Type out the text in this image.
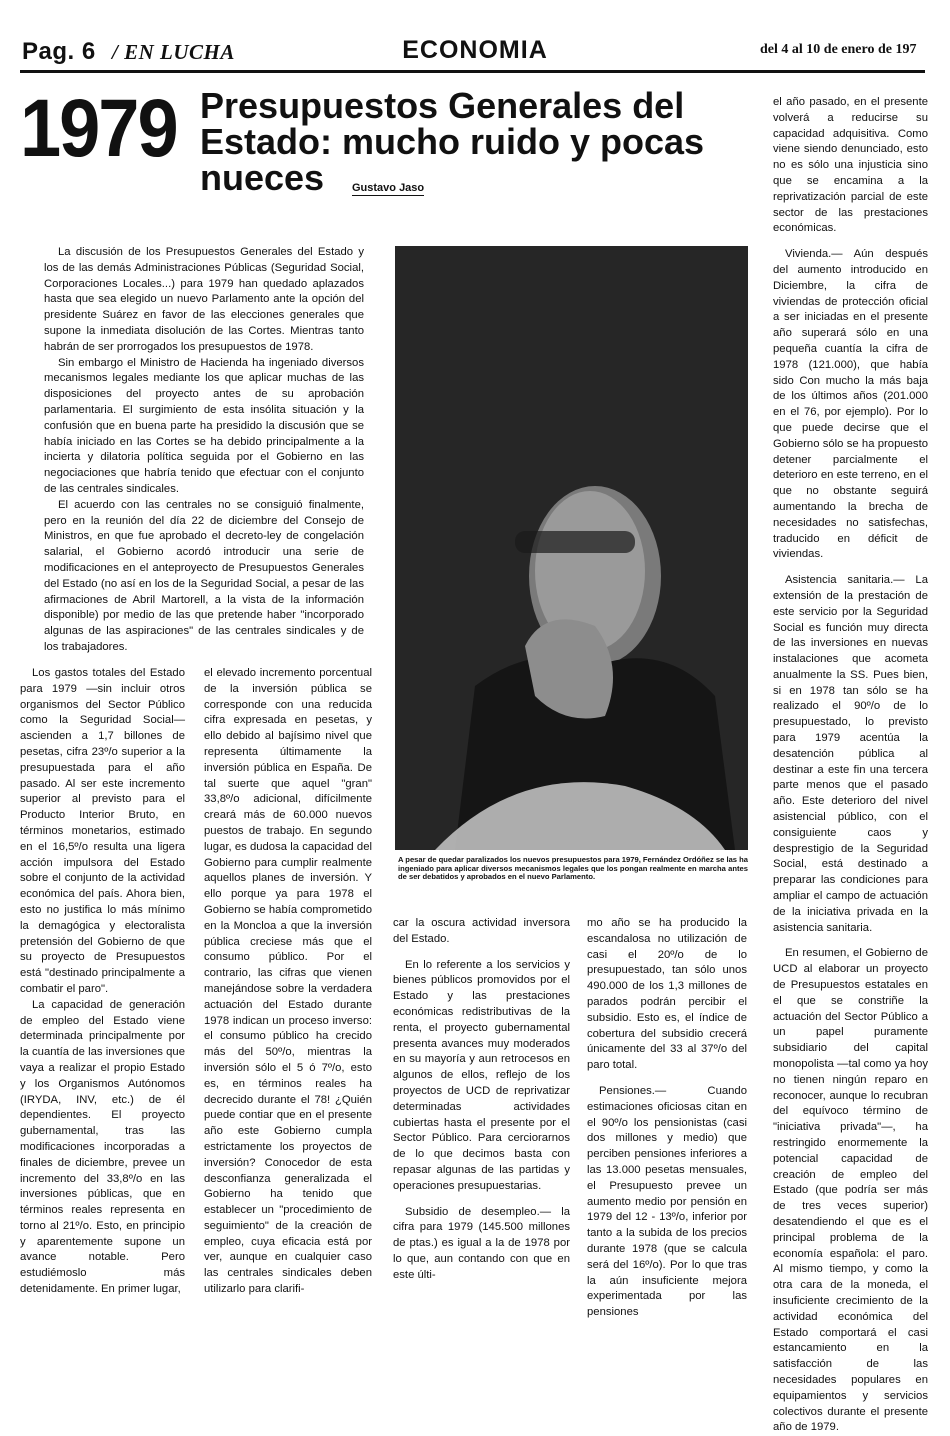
Pag. 6 / EN LUCHA	ECONOMIA	del 4 al 10 de enero de 197
1979 Presupuestos Generales del Estado: mucho ruido y pocas nueces	Gustavo Jaso

La discusión de los Presupuestos Generales del Estado y los de las demás Administraciones Públicas (Seguridad Social, Corporaciones Locales...) para 1979 han quedado aplazados hasta que sea elegido un nuevo Parlamento ante la opción del presidente Suárez en favor de las elecciones generales que supone la inmediata disolución de las Cortes. Mientras tanto habrán de ser prorrogados los presupuestos de 1978.

Sin embargo el Ministro de Hacienda ha ingeniado diversos mecanismos legales mediante los que aplicar muchas de las disposiciones del proyecto antes de su aprobación parlamentaria. El surgimiento de esta insólita situación y la confusión que en buena parte ha presidido la discusión que se había iniciado en las Cortes se ha debido principalmente a la incierta y dilatoria política seguida por el Gobierno en las negociaciones que habría tenido que efectuar con el conjunto de las centrales sindicales.

El acuerdo con las centrales no se consiguió finalmente, pero en la reunión del día 22 de diciembre del Consejo de Ministros, en que fue aprobado el decreto-ley de congelación salarial, el Gobierno acordó introducir una serie de modificaciones en el anteproyecto de Presupuestos Generales del Estado (no así en los de la Seguridad Social, a pesar de las afirmaciones de Abril Martorell, a la vista de la información disponible) por medio de las que pretende haber "incorporado algunas de las aspiraciones" de las centrales sindicales y de los trabajadores.

Los gastos totales del Estado para 1979 —sin incluir otros organismos del Sector Público como la Seguridad Social— ascienden a 1,7 billones de pesetas, cifra 23º/o superior a la presupuestada para el año pasado. Al ser este incremento superior al previsto para el Producto Interior Bruto, en términos monetarios, estimado en el 16,5º/o resulta una ligera acción impulsora del Estado sobre el conjunto de la actividad económica del país. Ahora bien, esto no justifica lo más mínimo la demagógica y electoralista pretensión del Gobierno de que su proyecto de Presupuestos está "destinado principalmente a combatir el paro".

La capacidad de generación de empleo del Estado viene determinada principalmente por la cuantía de las inversiones que vaya a realizar el propio Estado y los Organismos Autónomos (IRYDA, INV, etc.) de él dependientes. El proyecto gubernamental, tras las modificaciones incorporadas a finales de diciembre, prevee un incremento del 33,8º/o en las inversiones públicas, que en términos reales representa en torno al 21º/o. Esto, en principio y aparentemente supone un avance notable. Pero estudiémoslo más detenidamente. En primer lugar,

el elevado incremento porcentual de la inversión pública se corresponde con una reducida cifra expresada en pesetas, y ello debido al bajísimo nivel que representa últimamente la inversión pública en España. De tal suerte que aquel "gran" 33,8º/o adicional, difícilmente creará más de 60.000 nuevos puestos de trabajo. En segundo lugar, es dudosa la capacidad del Gobierno para cumplir realmente aquellos planes de inversión. Y ello porque ya para 1978 el Gobierno se había comprometido en la Moncloa a que la inversión pública creciese más que el consumo público. Por el contrario, las cifras que vienen manejándose sobre la verdadera actuación del Estado durante 1978 indican un proceso inverso: el consumo público ha crecido más del 50º/o, mientras la inversión sólo el 5 ó 7º/o, esto es, en términos reales ha decrecido durante el 78! ¿Quién puede contiar que en el presente año este Gobierno cumpla estrictamente los proyectos de inversión? Conocedor de esta desconfianza generalizada el Gobierno ha tenido que establecer un "procedimiento de seguimiento" de la creación de empleo, cuya eficacia está por ver, aunque en cualquier caso las centrales sindicales deben utilizarlo para clarifi-

A pesar de quedar paralizados los nuevos presupuestos para 1979, Fernández Ordóñez se las ha ingeniado para aplicar diversos mecanismos legales que los pongan realmente en marcha antes de ser debatidos y aprobados en el nuevo Parlamento.

car la oscura actividad inversora del Estado.

En lo referente a los servicios y bienes públicos promovidos por el Estado y las prestaciones económicas redistributivas de la renta, el proyecto gubernamental presenta avances muy moderados en su mayoría y aun retrocesos en algunos de ellos, reflejo de los proyectos de UCD de reprivatizar determinadas actividades cubiertas hasta el presente por el Sector Público. Para cerciorarnos de lo que decimos basta con repasar algunas de las partidas y operaciones presupuestarias.

Subsidio de desempleo.— la cifra para 1979 (145.500 millones de ptas.) es igual a la de 1978 por lo que, aun contando con que en este últi-

mo año se ha producido la escandalosa no utilización de casi el 20º/o de lo presupuestado, tan sólo unos 490.000 de los 1,3 millones de parados podrán percibir el subsidio. Esto es, el índice de cobertura del subsidio crecerá únicamente del 33 al 37º/o del paro total.

Pensiones.— Cuando estimaciones oficiosas citan en el 90º/o los pensionistas (casi dos millones y medio) que perciben pensiones inferiores a las 13.000 pesetas mensuales, el Presupuesto prevee un aumento medio por pensión en 1979 del 12 - 13º/o, inferior por tanto a la subida de los precios durante 1978 (que se calcula será del 16º/o). Por lo que tras la aún insuficiente mejora experimentada por las pensiones

el año pasado, en el presente volverá a reducirse su capacidad adquisitiva. Como viene siendo denunciado, esto no es sólo una injusticia sino que se encamina a la reprivatización parcial de este sector de las prestaciones económicas.

Vivienda.— Aún después del aumento introducido en Diciembre, la cifra de viviendas de protección oficial a ser iniciadas en el presente año superará sólo en una pequeña cuantía la cifra de 1978 (121.000), que había sido Con mucho la más baja de los últimos años (201.000 en el 76, por ejemplo). Por lo que puede decirse que el Gobierno sólo se ha propuesto detener parcialmente el deterioro en este terreno, en el que no obstante seguirá aumentando la brecha de necesidades no satisfechas, traducido en déficit de viviendas.

Asistencia sanitaria.— La extensión de la prestación de este servicio por la Seguridad Social es función muy directa de las inversiones en nuevas instalaciones que acometa anualmente la SS. Pues bien, si en 1978 tan sólo se ha realizado el 90º/o de lo presupuestado, lo previsto para 1979 acentúa la desatención pública al destinar a este fin una tercera parte menos que el pasado año. Este deterioro del nivel asistencial público, con el consiguiente caos y desprestigio de la Seguridad Social, está destinado a preparar las condiciones para ampliar el campo de actuación de la iniciativa privada en la asistencia sanitaria.

En resumen, el Gobierno de UCD al elaborar un proyecto de Presupuestos estatales en el que se constriñe la actuación del Sector Público a un papel puramente subsidiario del capital monopolista —tal como ya hoy no tienen ningún reparo en reconocer, aunque lo recubran del equívoco término de "iniciativa privada"—, ha restringido enormemente la potencial capacidad de creación de empleo del Estado (que podría ser más de tres veces superior) desatendiendo el que es el principal problema de la economía española: el paro. Al mismo tiempo, y como la otra cara de la moneda, el insuficiente crecimiento de la actividad económica del Estado comportará el casi estancamiento en la satisfacción de las necesidades populares en equipamientos y servicios colectivos durante el presente año de 1979.
